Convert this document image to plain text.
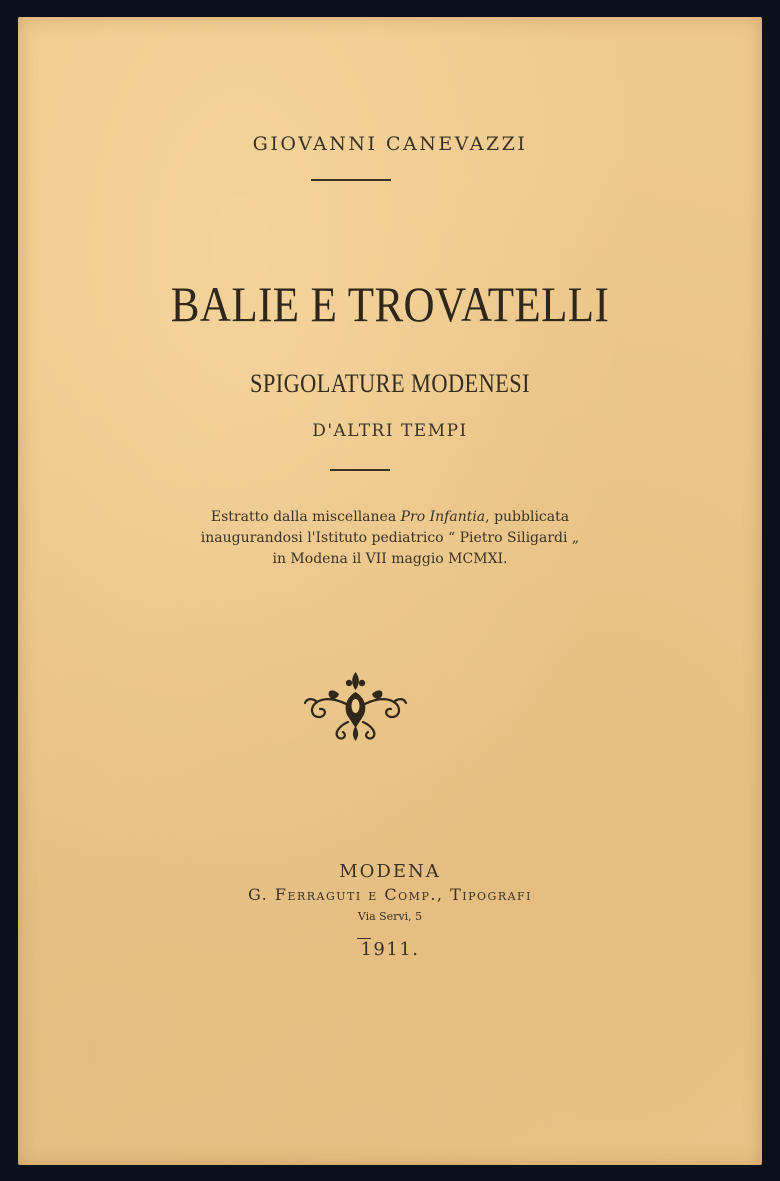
GIOVANNI CANEVAZZI
BALIE E TROVATELLI
SPIGOLATURE MODENESI
D'ALTRI TEMPI
Estratto dalla miscellanea Pro Infantia, pubblicata
inaugurandosi l'Istituto pediatrico “ Pietro Siligardi „
in Modena il VII maggio MCMXI.
MODENA
G. Ferraguti e Comp., Tipografi
Via Servi, 5
1911.
